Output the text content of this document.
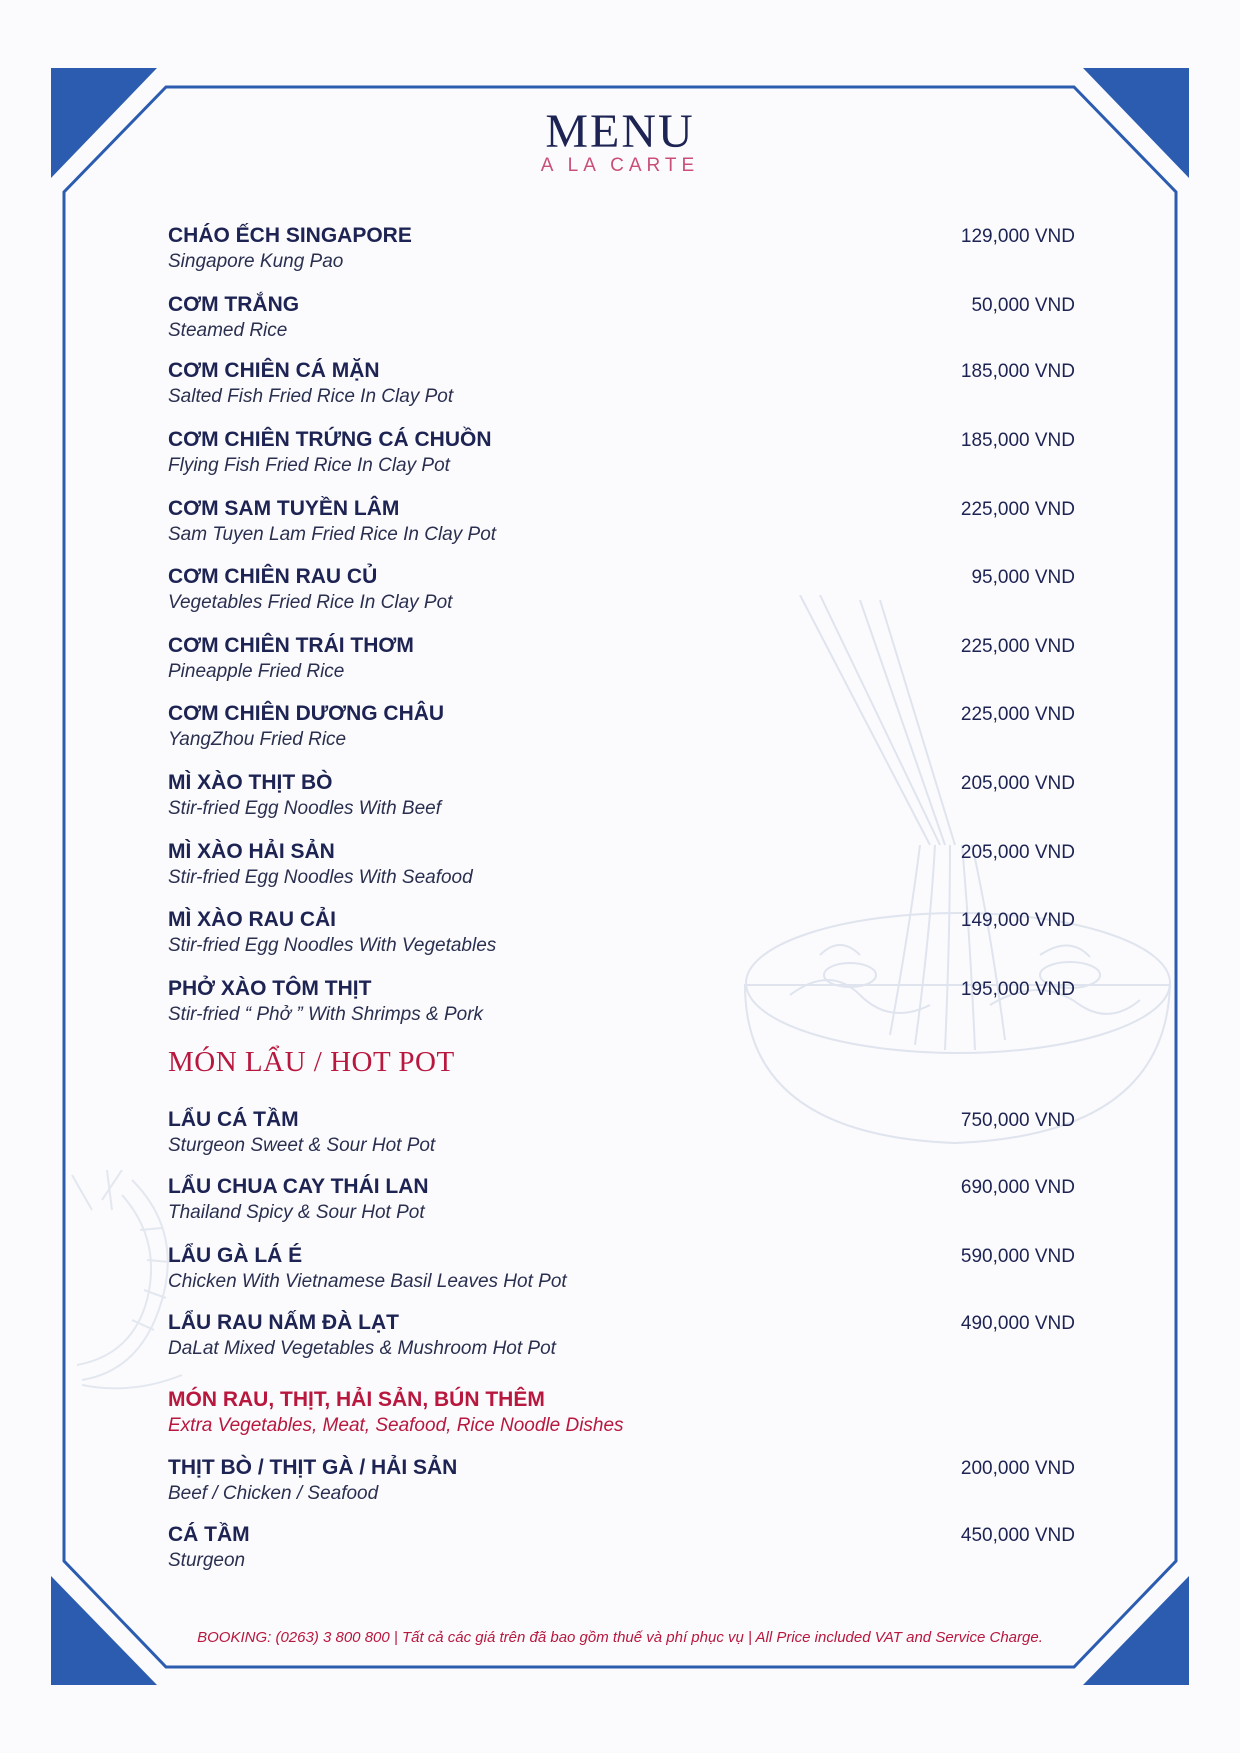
MENU
A LA CARTE
CHÁO ẾCH SINGAPORE
Singapore Kung Pao
129,000 VND
CƠM TRẮNG
Steamed Rice
50,000 VND
CƠM CHIÊN CÁ MẶN
Salted Fish Fried Rice In Clay Pot
185,000 VND
CƠM CHIÊN TRỨNG CÁ CHUỒN
Flying Fish Fried Rice In Clay Pot
185,000 VND
CƠM SAM TUYỀN LÂM
Sam Tuyen Lam Fried Rice In Clay Pot
225,000 VND
CƠM CHIÊN RAU CỦ
Vegetables Fried Rice In Clay Pot
95,000 VND
CƠM CHIÊN TRÁI THƠM
Pineapple Fried Rice
225,000 VND
CƠM CHIÊN DƯƠNG CHÂU
YangZhou Fried Rice
225,000 VND
MÌ XÀO THỊT BÒ
Stir-fried Egg Noodles With Beef
205,000 VND
MÌ XÀO HẢI SẢN
Stir-fried Egg Noodles With Seafood
205,000 VND
MÌ XÀO RAU CẢI
Stir-fried Egg Noodles With Vegetables
149,000 VND
PHỞ XÀO TÔM THỊT
Stir-fried “ Phở ” With Shrimps & Pork
195,000 VND
MÓN LẨU / HOT POT
LẨU CÁ TẦM
Sturgeon Sweet & Sour Hot Pot
750,000 VND
LẨU CHUA CAY THÁI LAN
Thailand Spicy & Sour Hot Pot
690,000 VND
LẨU GÀ LÁ É
Chicken With Vietnamese Basil Leaves Hot Pot
590,000 VND
LẨU RAU NẤM ĐÀ LẠT
DaLat Mixed Vegetables & Mushroom Hot Pot
490,000 VND
MÓN RAU, THỊT, HẢI SẢN, BÚN THÊM
Extra Vegetables, Meat, Seafood, Rice Noodle Dishes
THỊT BÒ / THỊT GÀ / HẢI SẢN
Beef / Chicken / Seafood
200,000 VND
CÁ TẦM
Sturgeon
450,000 VND
BOOKING: (0263) 3 800 800 | Tất cả các giá trên đã bao gồm thuế và phí phục vụ | All Price included VAT and Service Charge.
